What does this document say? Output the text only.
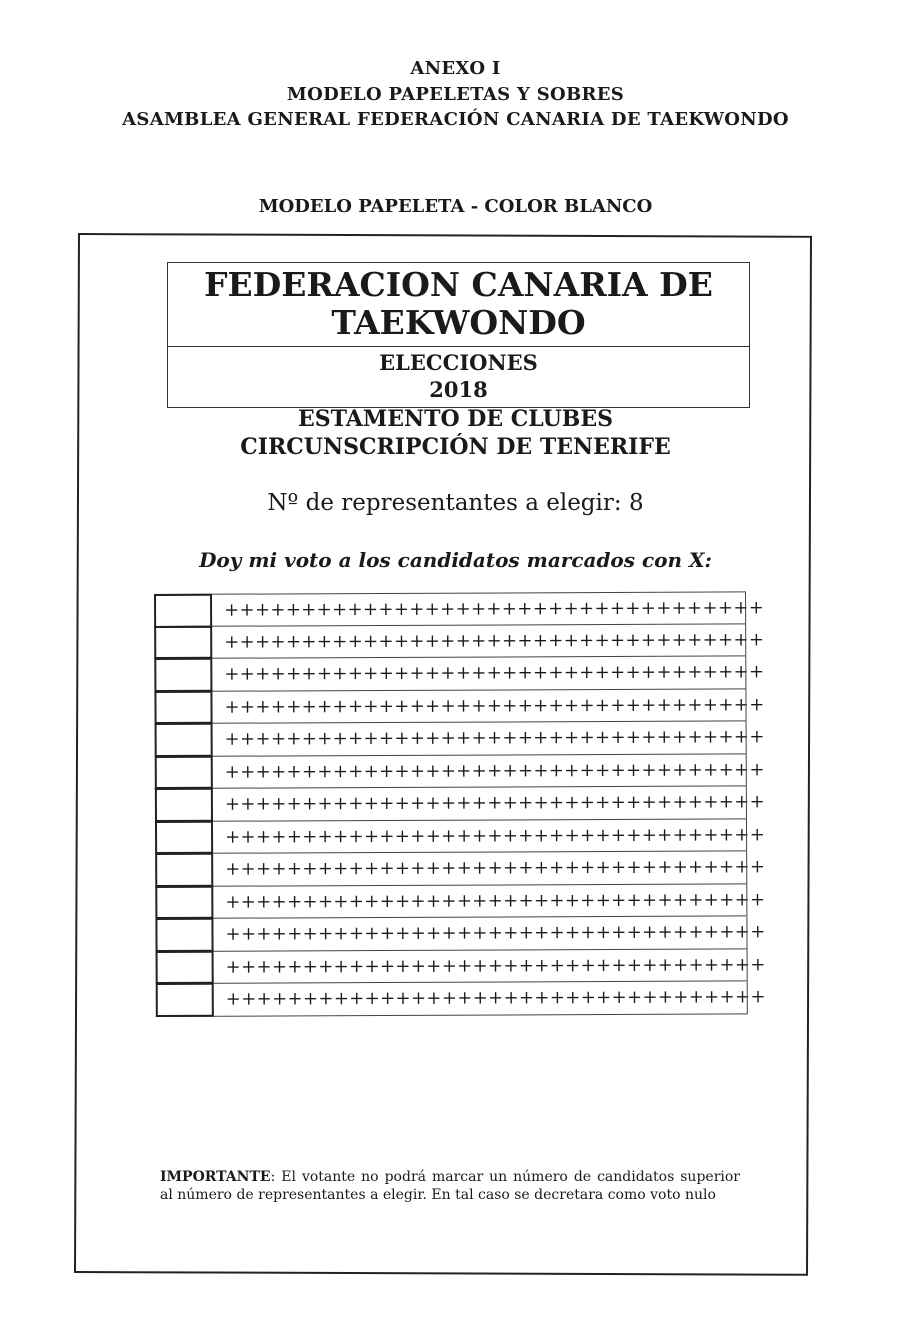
ANEXO I
MODELO PAPELETAS Y SOBRES
ASAMBLEA GENERAL FEDERACIÓN CANARIA DE TAEKWONDO
MODELO PAPELETA - COLOR BLANCO
FEDERACION CANARIA DE
TAEKWONDO
ELECCIONES
2018
ESTAMENTO DE CLUBES
CIRCUNSCRIPCIÓN DE TENERIFE
Nº de representantes a elegir: 8
Doy mi voto a los candidatos marcados con X:
+++++++++++++++++++++++++++++++++++
+++++++++++++++++++++++++++++++++++
+++++++++++++++++++++++++++++++++++
+++++++++++++++++++++++++++++++++++
+++++++++++++++++++++++++++++++++++
+++++++++++++++++++++++++++++++++++
+++++++++++++++++++++++++++++++++++
+++++++++++++++++++++++++++++++++++
+++++++++++++++++++++++++++++++++++
+++++++++++++++++++++++++++++++++++
+++++++++++++++++++++++++++++++++++
+++++++++++++++++++++++++++++++++++
+++++++++++++++++++++++++++++++++++
IMPORTANTE: El votante no podrá marcar un número de candidatos superior al número de representantes a elegir. En tal caso se decretara como voto nulo
